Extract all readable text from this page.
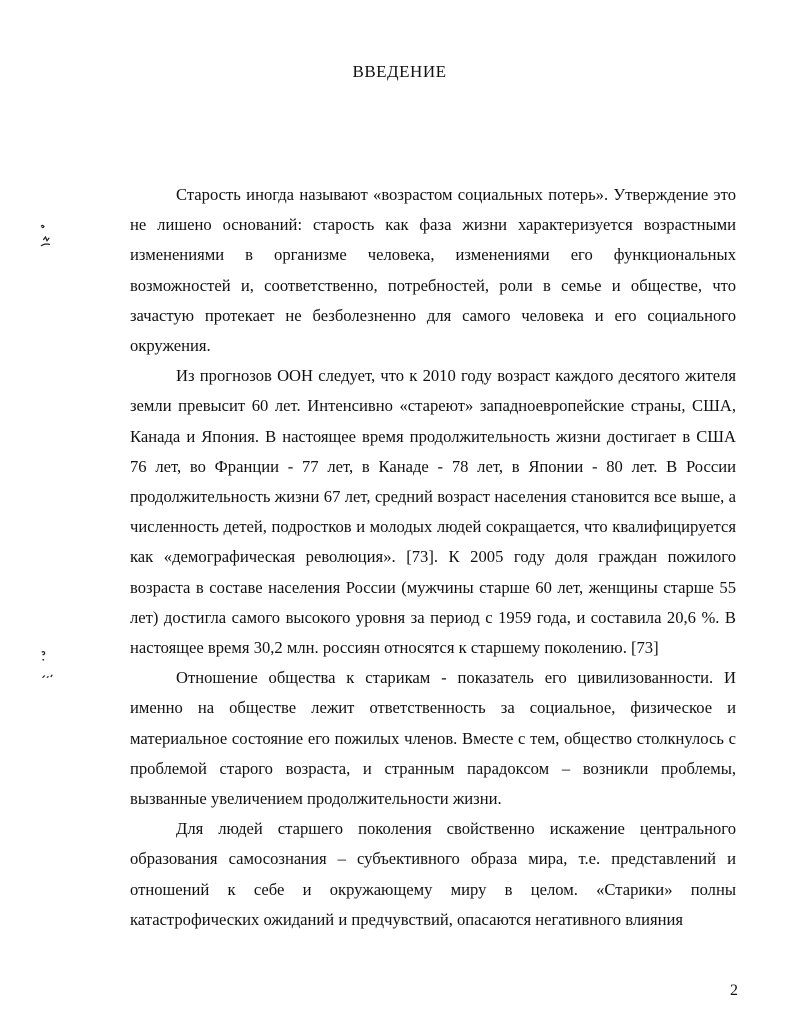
ВВЕДЕНИЕ

Старость иногда называют «возрастом социальных потерь». Утверждение это не лишено оснований: старость как фаза жизни характеризуется возрастными изменениями в организме человека, изменениями его функциональных возможностей и, соответственно, потребностей, роли в семье и обществе, что зачастую протекает не безболезненно для самого человека и его социального окружения.

Из прогнозов ООН следует, что к 2010 году возраст каждого десятого жителя земли превысит 60 лет. Интенсивно «стареют» западноевропейские страны, США, Канада и Япония. В настоящее время продолжительность жизни достигает в США 76 лет, во Франции - 77 лет, в Канаде - 78 лет, в Японии - 80 лет. В России продолжительность жизни 67 лет, средний возраст населения становится все выше, а численность детей, подростков и молодых людей сокращается, что квалифицируется как «демографическая революция». [73]. К 2005 году доля граждан пожилого возраста в составе населения России (мужчины старше 60 лет, женщины старше 55 лет) достигла самого высокого уровня за период с 1959 года, и составила 20,6 %. В настоящее время 30,2 млн. россиян относятся к старшему поколению. [73]

Отношение общества к старикам - показатель его цивилизованности. И именно на обществе лежит ответственность за социальное, физическое и материальное состояние его пожилых членов. Вместе с тем, общество столкнулось с проблемой старого возраста, и странным парадоксом – возникли проблемы, вызванные увеличением продолжительности жизни.

Для людей старшего поколения свойственно искажение центрального образования самосознания – субъективного образа мира, т.е. представлений и отношений к себе и окружающему миру в целом. «Старики» полны катастрофических ожиданий и предчувствий, опасаются негативного влияния

2
